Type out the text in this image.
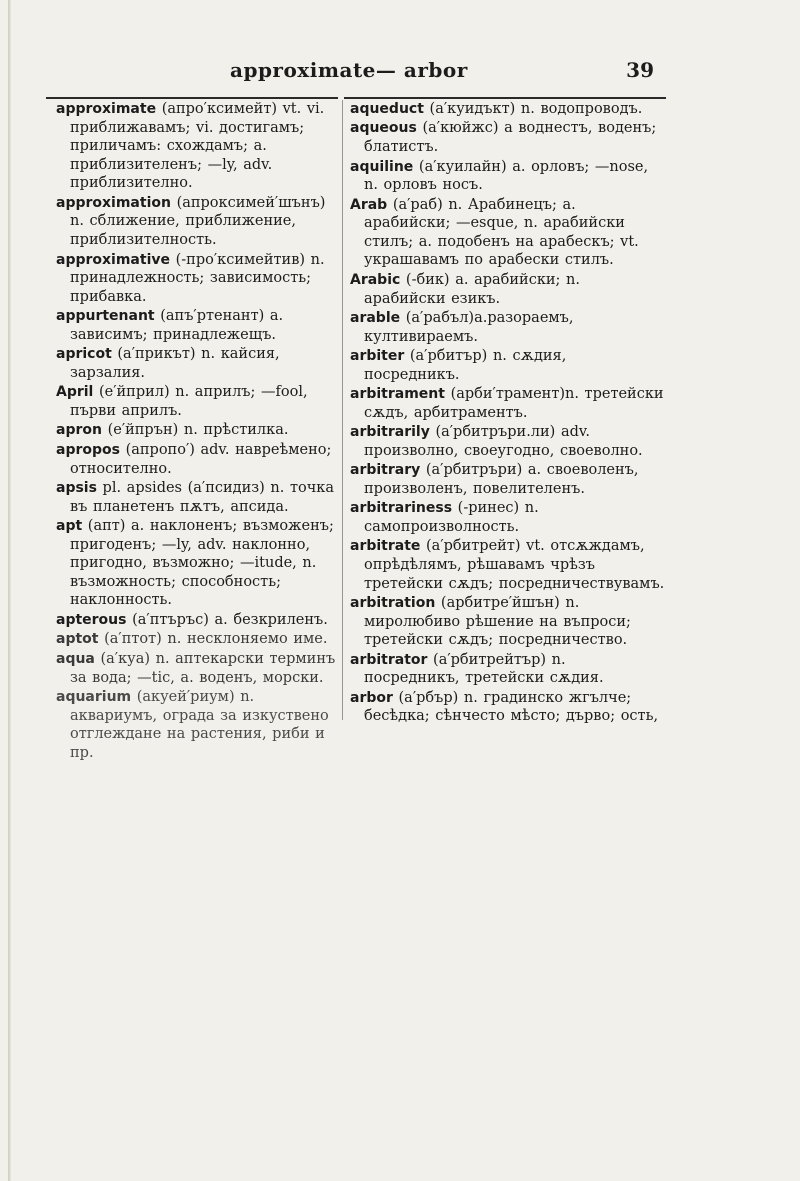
approximate— arbor	39

approximate (апро′ксимейт) vt. vi. приближавамъ; vi. достигамъ; приличамъ: схождамъ; a. приблизителенъ; —ly, adv. приблизително.

approximation (апроксимей′шънъ) n. сближение, приближение, приблизителность.

approximative (-про′ксимейтив) n. принадлежность; зависимость; прибавка.

appurtenant (апъ′ртенант) a. зависимъ; принадлежещъ.

apricot (а′прикът) n. кайсия, зарзалия.

April (е′йприл) n. априлъ; —fool, първи априлъ.

apron (е′йпрън) n. прѣстилка.

apropos (апропо′) adv. навреѣмено; относително.

apsis pl. apsides (а′псидиз) n. точка въ планетенъ пѫтъ, апсида.

apt (апт) a. наклоненъ; възможенъ; пригоденъ; —ly, adv. наклонно, пригодно, възможно; —itude, n. възможность; способность; наклонность.

apterous (а′птъръс) a. безкриленъ.

aptot (а′птот) n. несклоняемо име.

aqua (а′куа) n. аптекарски терминъ за вода; —tic, a. воденъ, морски.

aquarium (акуей′риум) n. аквариумъ, ограда за изкуствено отглеждане на растения, риби и пр.

aqueduct (а′куидъкт) n. водопроводъ.

aqueous (а′кюйжс) a воднестъ, воденъ; блатистъ.

aquiline (а′куилайн) a. орловъ; —nose, n. орловъ носъ.

Arab (а′раб) n. Арабинецъ; a. арабийски; —esque, n. арабийски стилъ; a. подобенъ на арабескъ; vt. украшавамъ по арабески стилъ.

Arabic (-бик) a. арабийски; n. арабийски езикъ.

arable (а′рабъл)a.разораемъ, култивираемъ.

arbiter (а′рбитър) n. сѫдия, посредникъ.

arbitrament (арби′трамент)n. третейски сѫдъ, арбитраментъ.

arbitrarily (а′рбитръри.ли) adv. произволно, своеугодно, своеволно.

arbitrary (а′рбитръри) a. своеволенъ, произволенъ, повелителенъ.

arbitrariness (-ринес) n. самопроизволность.

arbitrate (а′рбитрейт) vt. отсѫждамъ, опрѣдѣлямъ, рѣшавамъ чрѣзъ третейски сѫдъ; посредничествувамъ.

arbitration (арбитре′йшън) n. миролюбиво рѣшение на въпроси; третейски сѫдъ; посредничество.

arbitrator (а′рбитрейтър) n. посредникъ, третейски сѫдия.

arbor (а′рбър) n. градинско жгълче; бесѣдка; сѣнчесто мѣсто; дърво; ость,
